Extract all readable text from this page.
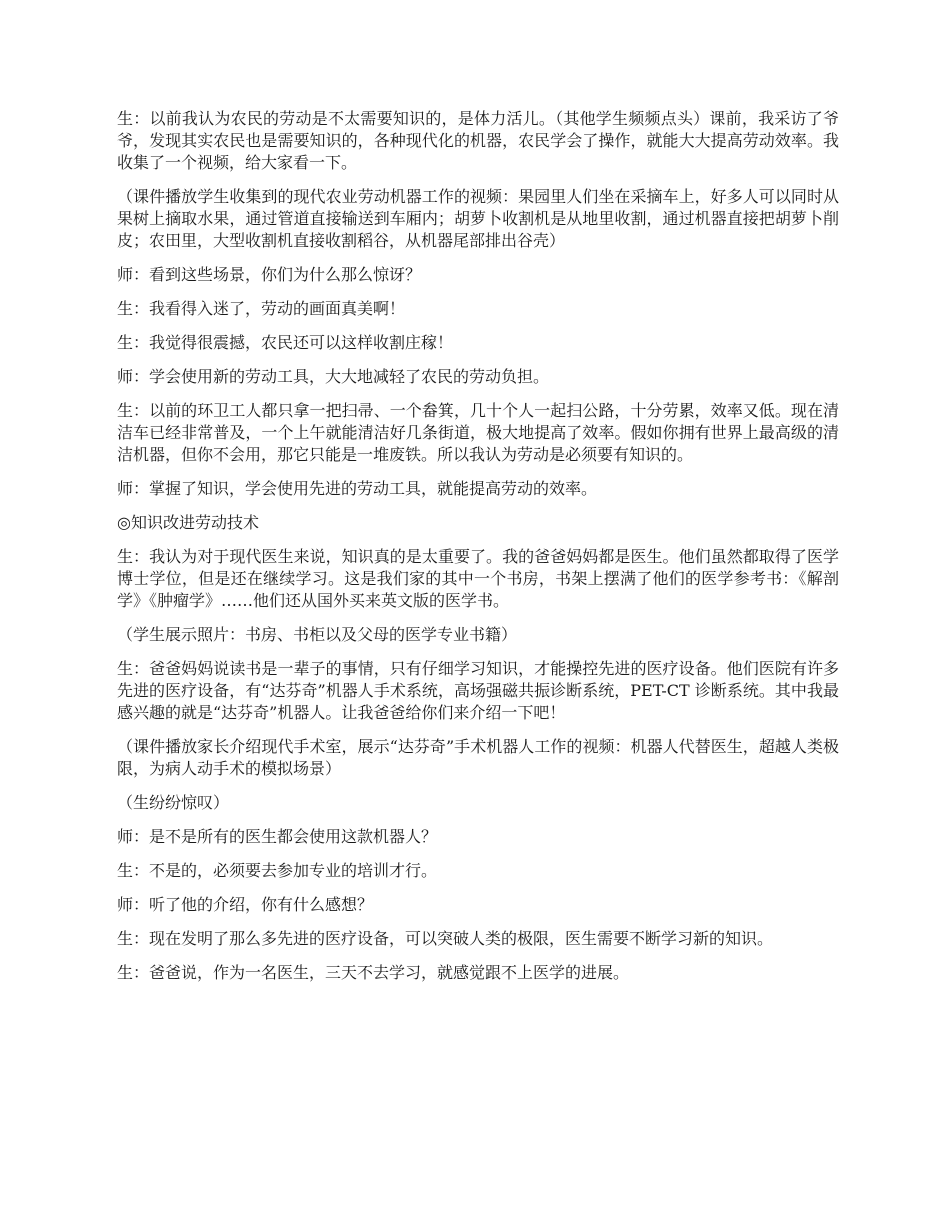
生：以前我认为农民的劳动是不太需要知识的，是体力活儿。（其他学生频频点头）课前，我采访了爷爷，发现其实农民也是需要知识的，各种现代化的机器，农民学会了操作，就能大大提高劳动效率。我收集了一个视频，给大家看一下。

（课件播放学生收集到的现代农业劳动机器工作的视频：果园里人们坐在采摘车上，好多人可以同时从果树上摘取水果，通过管道直接输送到车厢内；胡萝卜收割机是从地里收割，通过机器直接把胡萝卜削皮；农田里，大型收割机直接收割稻谷，从机器尾部排出谷壳）

师：看到这些场景，你们为什么那么惊讶？

生：我看得入迷了，劳动的画面真美啊！

生：我觉得很震撼，农民还可以这样收割庄稼！

师：学会使用新的劳动工具，大大地减轻了农民的劳动负担。

生：以前的环卫工人都只拿一把扫帚、一个畚箕，几十个人一起扫公路，十分劳累，效率又低。现在清洁车已经非常普及，一个上午就能清洁好几条街道，极大地提高了效率。假如你拥有世界上最高级的清洁机器，但你不会用，那它只能是一堆废铁。所以我认为劳动是必须要有知识的。

师：掌握了知识，学会使用先进的劳动工具，就能提高劳动的效率。

◎知识改进劳动技术

生：我认为对于现代医生来说，知识真的是太重要了。我的爸爸妈妈都是医生。他们虽然都取得了医学博士学位，但是还在继续学习。这是我们家的其中一个书房，书架上摆满了他们的医学参考书：《解剖学》《肿瘤学》……他们还从国外买来英文版的医学书。

（学生展示照片：书房、书柜以及父母的医学专业书籍）

生：爸爸妈妈说读书是一辈子的事情，只有仔细学习知识，才能操控先进的医疗设备。他们医院有许多先进的医疗设备，有“达芬奇”机器人手术系统，高场强磁共振诊断系统，PET-CT 诊断系统。其中我最感兴趣的就是“达芬奇”机器人。让我爸爸给你们来介绍一下吧！

（课件播放家长介绍现代手术室，展示“达芬奇”手术机器人工作的视频：机器人代替医生，超越人类极限，为病人动手术的模拟场景）

（生纷纷惊叹）

师：是不是所有的医生都会使用这款机器人？

生：不是的，必须要去参加专业的培训才行。

师：听了他的介绍，你有什么感想？

生：现在发明了那么多先进的医疗设备，可以突破人类的极限，医生需要不断学习新的知识。

生：爸爸说，作为一名医生，三天不去学习，就感觉跟不上医学的进展。
